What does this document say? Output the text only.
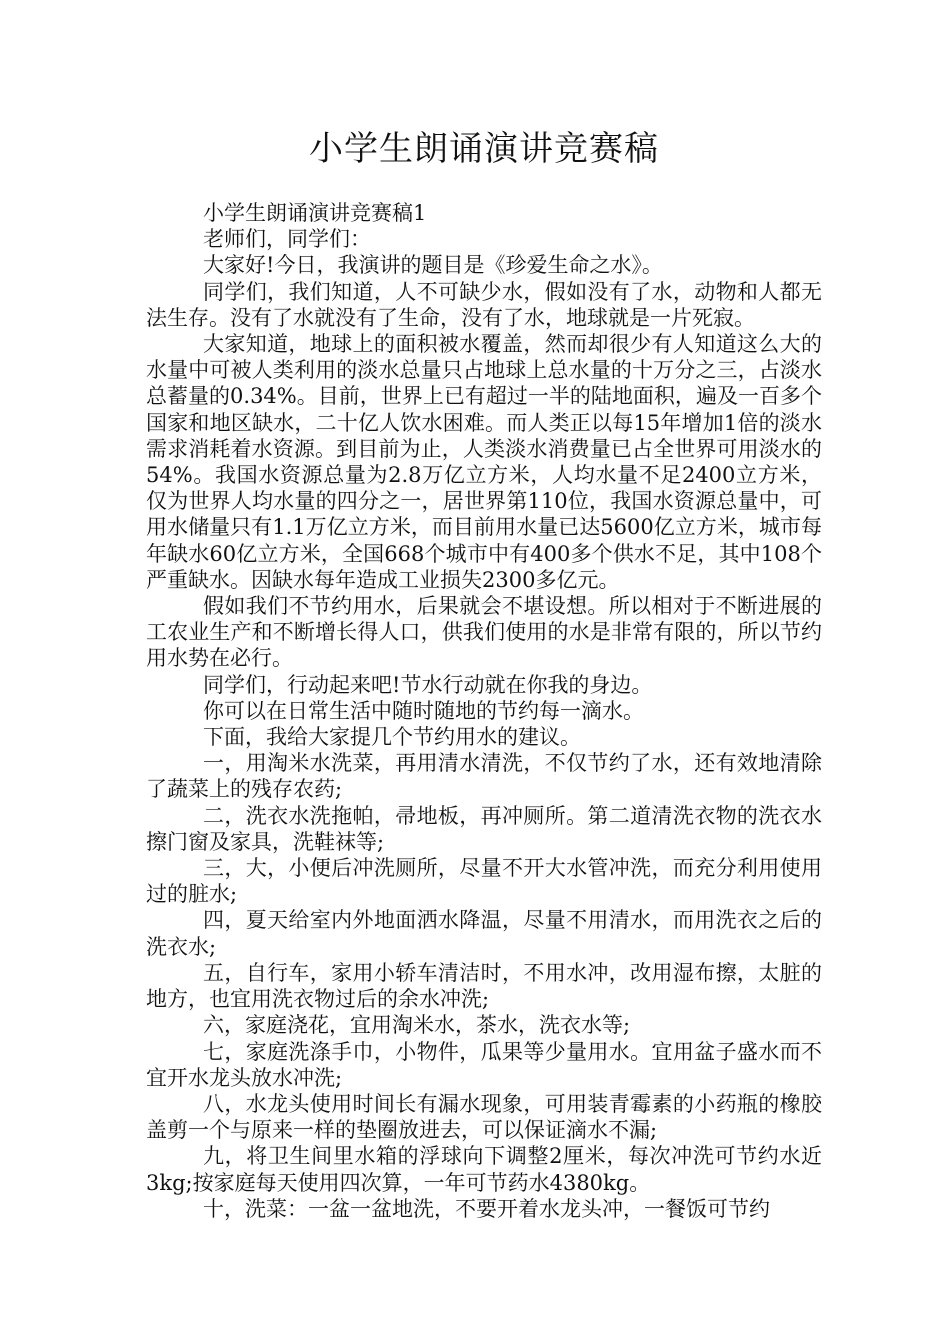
小学生朗诵演讲竞赛稿

小学生朗诵演讲竞赛稿1

老师们，同学们：

大家好!今日，我演讲的题目是《珍爱生命之水》。

同学们，我们知道，人不可缺少水，假如没有了水，动物和人都无法生存。没有了水就没有了生命，没有了水，地球就是一片死寂。

大家知道，地球上的面积被水覆盖，然而却很少有人知道这么大的水量中可被人类利用的淡水总量只占地球上总水量的十万分之三，占淡水总蓄量的0.34%。目前，世界上已有超过一半的陆地面积，遍及一百多个国家和地区缺水，二十亿人饮水困难。而人类正以每15年增加1倍的淡水需求消耗着水资源。到目前为止，人类淡水消费量已占全世界可用淡水的54%。我国水资源总量为2.8万亿立方米，人均水量不足2400立方米，仅为世界人均水量的四分之一，居世界第110位，我国水资源总量中，可用水储量只有1.1万亿立方米，而目前用水量已达5600亿立方米，城市每年缺水60亿立方米，全国668个城市中有400多个供水不足，其中108个严重缺水。因缺水每年造成工业损失2300多亿元。

假如我们不节约用水，后果就会不堪设想。所以相对于不断进展的工农业生产和不断增长得人口，供我们使用的水是非常有限的，所以节约用水势在必行。

同学们，行动起来吧!节水行动就在你我的身边。

你可以在日常生活中随时随地的节约每一滴水。

下面，我给大家提几个节约用水的建议。

一，用淘米水洗菜，再用清水清洗，不仅节约了水，还有效地清除了蔬菜上的残存农药;

二，洗衣水洗拖帕，帚地板，再冲厕所。第二道清洗衣物的洗衣水擦门窗及家具，洗鞋袜等;

三，大，小便后冲洗厕所，尽量不开大水管冲洗，而充分利用使用过的脏水;

四，夏天给室内外地面洒水降温，尽量不用清水，而用洗衣之后的洗衣水;

五，自行车，家用小轿车清洁时，不用水冲，改用湿布擦，太脏的地方，也宜用洗衣物过后的余水冲洗;

六，家庭浇花，宜用淘米水，茶水，洗衣水等;

七，家庭洗涤手巾，小物件，瓜果等少量用水。宜用盆子盛水而不宜开水龙头放水冲洗;

八，水龙头使用时间长有漏水现象，可用装青霉素的小药瓶的橡胶盖剪一个与原来一样的垫圈放进去，可以保证滴水不漏;

九，将卫生间里水箱的浮球向下调整2厘米，每次冲洗可节约水近3kg;按家庭每天使用四次算，一年可节药水4380kg。

十，洗菜：一盆一盆地洗，不要开着水龙头冲，一餐饭可节约
